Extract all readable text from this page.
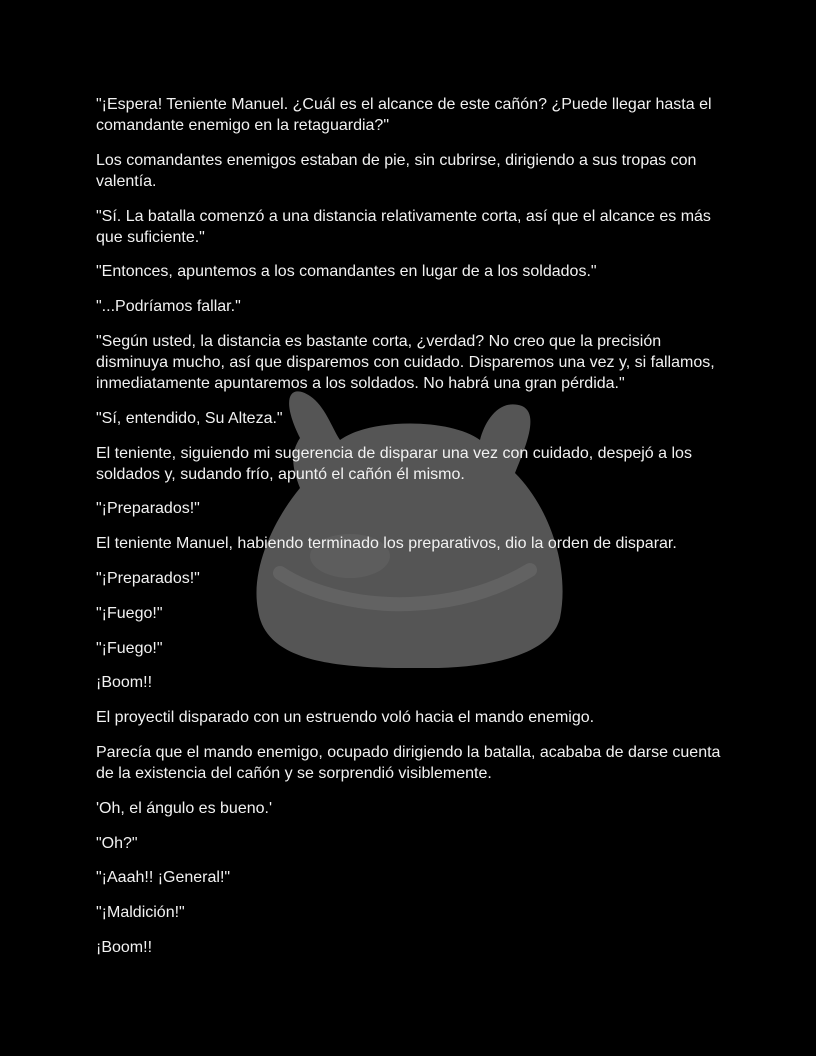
"¡Espera! Teniente Manuel. ¿Cuál es el alcance de este cañón? ¿Puede llegar hasta el comandante enemigo en la retaguardia?"

Los comandantes enemigos estaban de pie, sin cubrirse, dirigiendo a sus tropas con valentía.

"Sí. La batalla comenzó a una distancia relativamente corta, así que el alcance es más que suficiente."

"Entonces, apuntemos a los comandantes en lugar de a los soldados."

"...Podríamos fallar."

"Según usted, la distancia es bastante corta, ¿verdad? No creo que la precisión disminuya mucho, así que disparemos con cuidado. Disparemos una vez y, si fallamos, inmediatamente apuntaremos a los soldados. No habrá una gran pérdida."

"Sí, entendido, Su Alteza."

El teniente, siguiendo mi sugerencia de disparar una vez con cuidado, despejó a los soldados y, sudando frío, apuntó el cañón él mismo.

"¡Preparados!"

El teniente Manuel, habiendo terminado los preparativos, dio la orden de disparar.

"¡Preparados!"

"¡Fuego!"

"¡Fuego!"

¡Boom!!

El proyectil disparado con un estruendo voló hacia el mando enemigo.

Parecía que el mando enemigo, ocupado dirigiendo la batalla, acababa de darse cuenta de la existencia del cañón y se sorprendió visiblemente.

'Oh, el ángulo es bueno.'

"Oh?"

"¡Aaah!! ¡General!"

"¡Maldición!"

¡Boom!!
